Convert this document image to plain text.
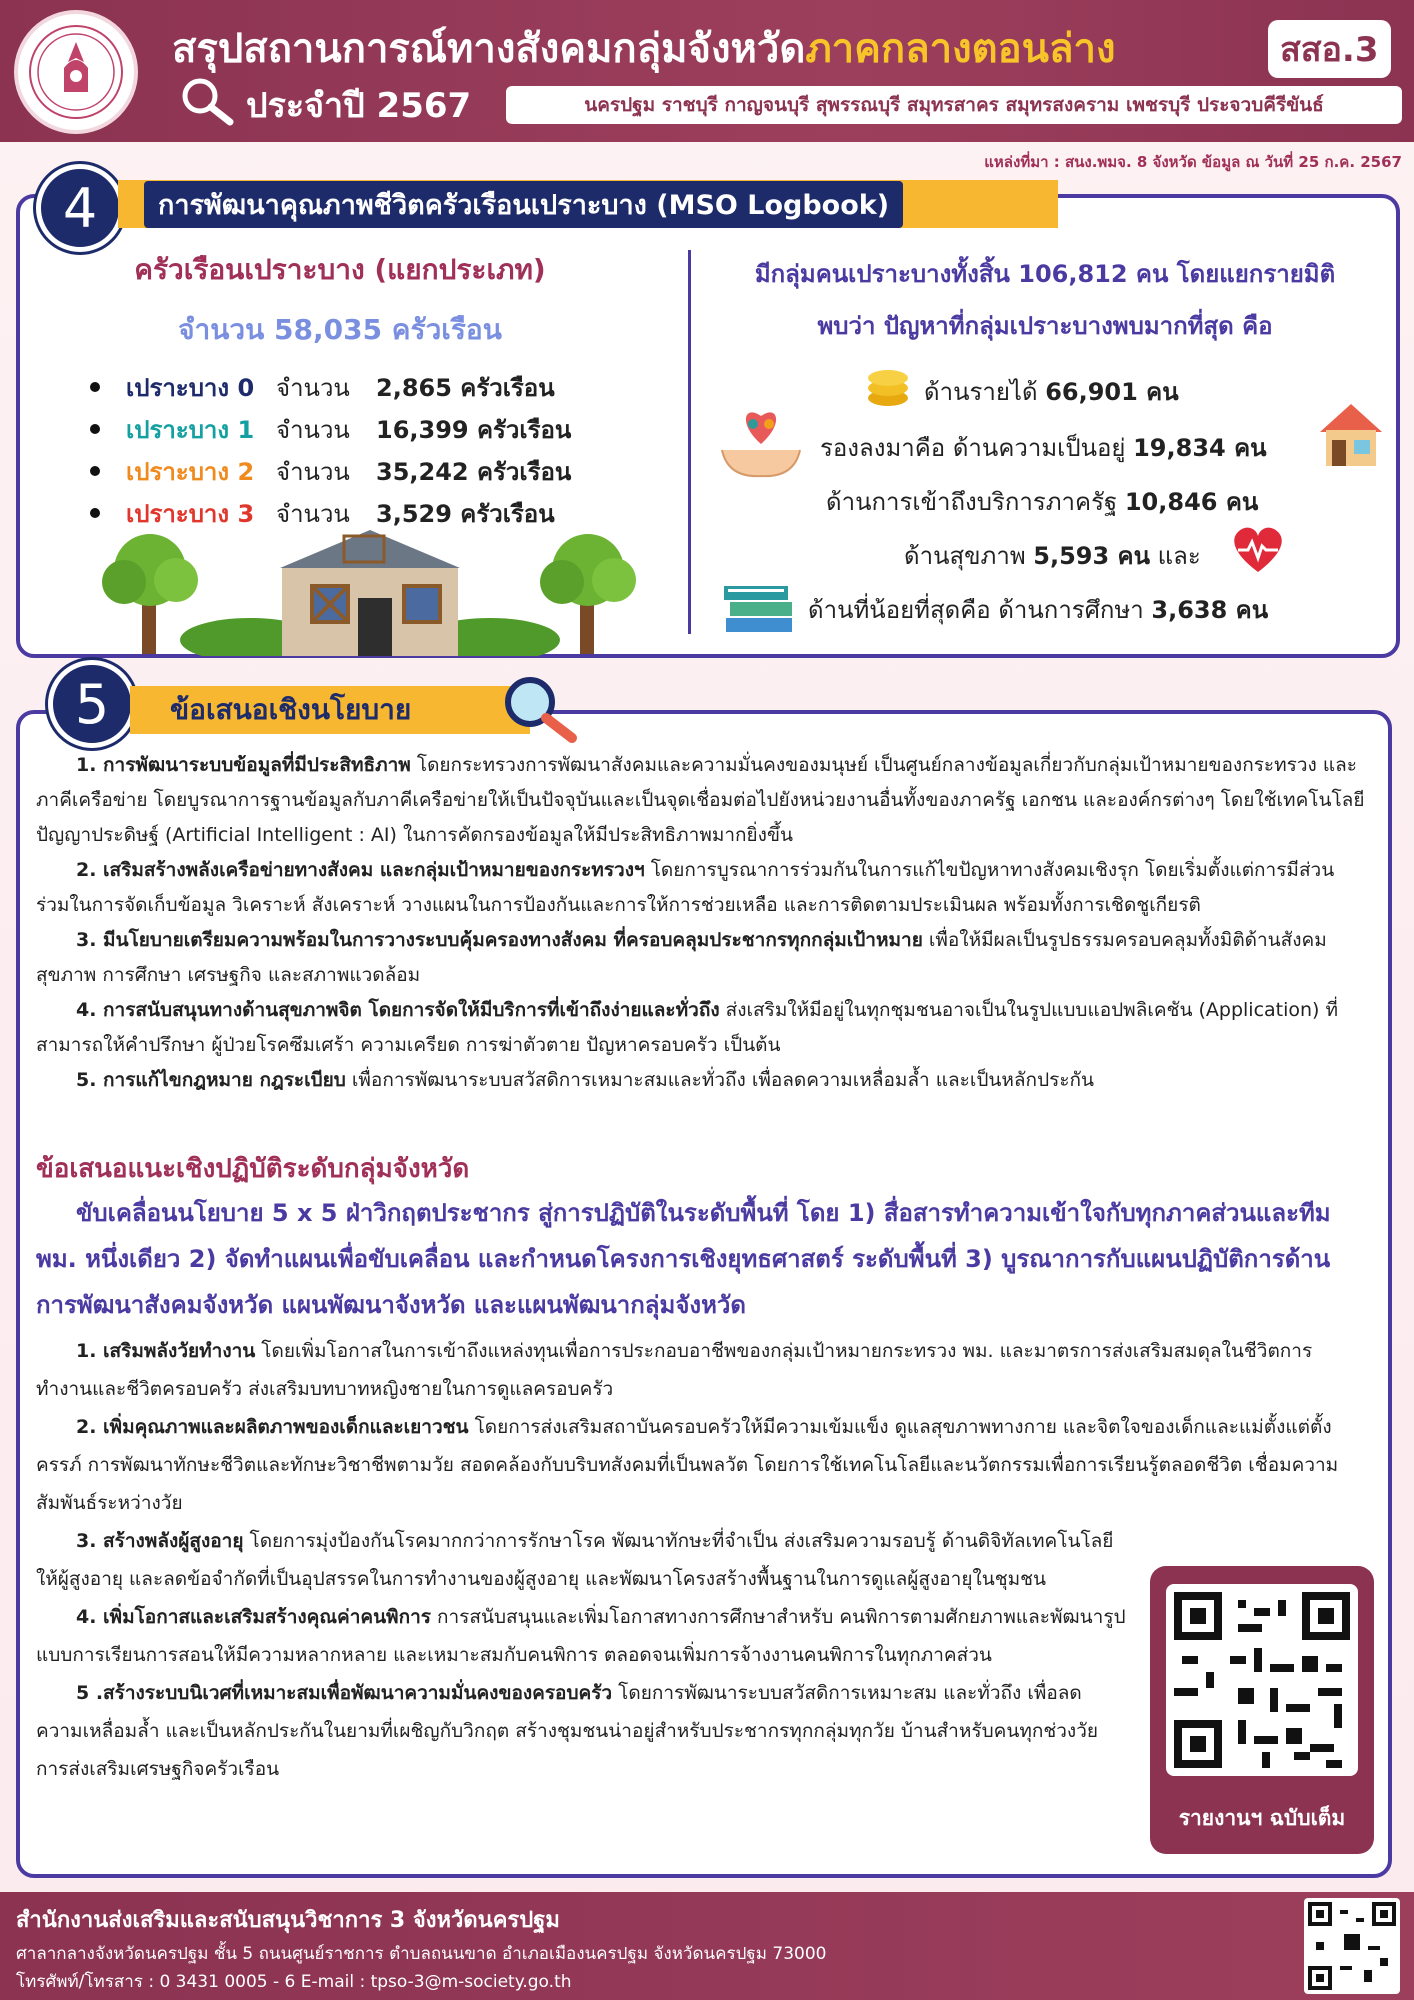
สรุปสถานการณ์ทางสังคมกลุ่มจังหวัดภาคกลางตอนล่าง	สสอ.3
ประจำปี 2567	นครปฐม ราชบุรี กาญจนบุรี สุพรรณบุรี สมุทรสาคร สมุทรสงคราม เพชรบุรี ประจวบคีรีขันธ์
แหล่งที่มา : สนง.พมจ. 8 จังหวัด ข้อมูล ณ วันที่ 25 ก.ค. 2567
4	การพัฒนาคุณภาพชีวิตครัวเรือนเปราะบาง (MSO Logbook)
ครัวเรือนเปราะบาง (แยกประเภท)
จำนวน 58,035 ครัวเรือน
เปราะบาง 0 จำนวน	2,865 ครัวเรือน
เปราะบาง 1 จำนวน	16,399 ครัวเรือน
เปราะบาง 2 จำนวน	35,242 ครัวเรือน
เปราะบาง 3 จำนวน	3,529 ครัวเรือน
มีกลุ่มคนเปราะบางทั้งสิ้น 106,812 คน โดยแยกรายมิติ
พบว่า ปัญหาที่กลุ่มเปราะบางพบมากที่สุด คือ
ด้านรายได้ 66,901 คน
รองลงมาคือ ด้านความเป็นอยู่ 19,834 คน
ด้านการเข้าถึงบริการภาครัฐ 10,846 คน
ด้านสุขภาพ 5,593 คน และ
ด้านที่น้อยที่สุดคือ ด้านการศึกษา 3,638 คน
5	ข้อเสนอเชิงนโยบาย

1. การพัฒนาระบบข้อมูลที่มีประสิทธิภาพ โดยกระทรวงการพัฒนาสังคมและความมั่นคงของมนุษย์ เป็นศูนย์กลางข้อมูลเกี่ยวกับกลุ่มเป้าหมายของกระทรวง และภาคีเครือข่าย โดยบูรณาการฐานข้อมูลกับภาคีเครือข่ายให้เป็นปัจจุบันและเป็นจุดเชื่อมต่อไปยังหน่วยงานอื่นทั้งของภาครัฐ เอกชน และองค์กรต่างๆ โดยใช้เทคโนโลยีปัญญาประดิษฐ์ (Artificial Intelligent : AI) ในการคัดกรองข้อมูลให้มีประสิทธิภาพมากยิ่งขึ้น

2. เสริมสร้างพลังเครือข่ายทางสังคม และกลุ่มเป้าหมายของกระทรวงฯ โดยการบูรณาการร่วมกันในการแก้ไขปัญหาทางสังคมเชิงรุก โดยเริ่มตั้งแต่การมีส่วนร่วมในการจัดเก็บข้อมูล วิเคราะห์ สังเคราะห์ วางแผนในการป้องกันและการให้การช่วยเหลือ และการติดตามประเมินผล พร้อมทั้งการเชิดชูเกียรติ

3. มีนโยบายเตรียมความพร้อมในการวางระบบคุ้มครองทางสังคม ที่ครอบคลุมประชากรทุกกลุ่มเป้าหมาย เพื่อให้มีผลเป็นรูปธรรมครอบคลุมทั้งมิติด้านสังคม สุขภาพ การศึกษา เศรษฐกิจ และสภาพแวดล้อม

4. การสนับสนุนทางด้านสุขภาพจิต โดยการจัดให้มีบริการที่เข้าถึงง่ายและทั่วถึง ส่งเสริมให้มีอยู่ในทุกชุมชนอาจเป็นในรูปแบบแอปพลิเคชัน (Application) ที่สามารถให้คำปรึกษา ผู้ป่วยโรคซึมเศร้า ความเครียด การฆ่าตัวตาย ปัญหาครอบครัว เป็นต้น

5. การแก้ไขกฎหมาย กฎระเบียบ เพื่อการพัฒนาระบบสวัสดิการเหมาะสมและทั่วถึง เพื่อลดความเหลื่อมล้ำ และเป็นหลักประกัน

ข้อเสนอแนะเชิงปฏิบัติระดับกลุ่มจังหวัด
ขับเคลื่อนนโยบาย 5 x 5 ฝ่าวิกฤตประชากร สู่การปฏิบัติในระดับพื้นที่ โดย 1) สื่อสารทำความเข้าใจกับทุกภาคส่วนและทีม พม. หนึ่งเดียว 2) จัดทำแผนเพื่อขับเคลื่อน และกำหนดโครงการเชิงยุทธศาสตร์ ระดับพื้นที่ 3) บูรณาการกับแผนปฏิบัติการด้านการพัฒนาสังคมจังหวัด แผนพัฒนาจังหวัด และแผนพัฒนากลุ่มจังหวัด

1. เสริมพลังวัยทำงาน โดยเพิ่มโอกาสในการเข้าถึงแหล่งทุนเพื่อการประกอบอาชีพของกลุ่มเป้าหมายกระทรวง พม. และมาตรการส่งเสริมสมดุลในชีวิตการทำงานและชีวิตครอบครัว ส่งเสริมบทบาทหญิงชายในการดูแลครอบครัว

2. เพิ่มคุณภาพและผลิตภาพของเด็กและเยาวชน โดยการส่งเสริมสถาบันครอบครัวให้มีความเข้มแข็ง ดูแลสุขภาพทางกาย และจิตใจของเด็กและแม่ตั้งแต่ตั้งครรภ์ การพัฒนาทักษะชีวิตและทักษะวิชาชีพตามวัย สอดคล้องกับบริบทสังคมที่เป็นพลวัต โดยการใช้เทคโนโลยีและนวัตกรรมเพื่อการเรียนรู้ตลอดชีวิต เชื่อมความสัมพันธ์ระหว่างวัย

3. สร้างพลังผู้สูงอายุ โดยการมุ่งป้องกันโรคมากกว่าการรักษาโรค พัฒนาทักษะที่จำเป็น ส่งเสริมความรอบรู้ ด้านดิจิทัลเทคโนโลยีให้ผู้สูงอายุ และลดข้อจำกัดที่เป็นอุปสรรคในการทำงานของผู้สูงอายุ และพัฒนาโครงสร้างพื้นฐานในการดูแลผู้สูงอายุในชุมชน

4. เพิ่มโอกาสและเสริมสร้างคุณค่าคนพิการ การสนับสนุนและเพิ่มโอกาสทางการศึกษาสำหรับ คนพิการตามศักยภาพและพัฒนารูปแบบการเรียนการสอนให้มีความหลากหลาย และเหมาะสมกับคนพิการ ตลอดจนเพิ่มการจ้างงานคนพิการในทุกภาคส่วน

5 .สร้างระบบนิเวศที่เหมาะสมเพื่อพัฒนาความมั่นคงของครอบครัว โดยการพัฒนาระบบสวัสดิการเหมาะสม และทั่วถึง เพื่อลดความเหลื่อมล้ำ และเป็นหลักประกันในยามที่เผชิญกับวิกฤต สร้างชุมชนน่าอยู่สำหรับประชากรทุกกลุ่มทุกวัย บ้านสำหรับคนทุกช่วงวัย การส่งเสริมเศรษฐกิจครัวเรือน

รายงานฯ ฉบับเต็ม
สำนักงานส่งเสริมและสนับสนุนวิชาการ 3 จังหวัดนครปฐม
ศาลากลางจังหวัดนครปฐม ชั้น 5 ถนนศูนย์ราชการ ตำบลถนนขาด อำเภอเมืองนครปฐม จังหวัดนครปฐม 73000
โทรศัพท์/โทรสาร : 0 3431 0005 - 6 E-mail : tpso-3@m-society.go.th
